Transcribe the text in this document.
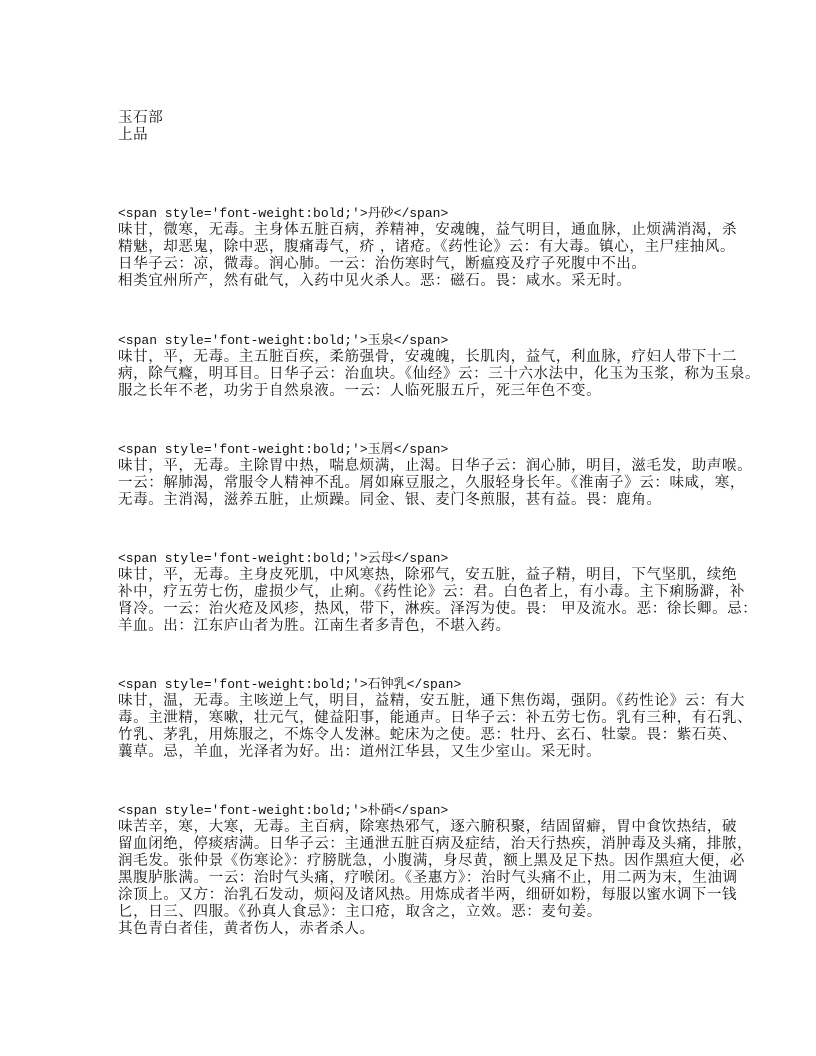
玉石部
上品
<span style='font-weight:bold;'>丹砂</span>
味甘，微寒，无毒。主身体五脏百病，养精神，安魂魄，益气明目，通血脉，止烦满消渴，杀
精魅，却恶鬼，除中恶，腹痛毒气，疥 ，诸疮。《药性论》云：有大毒。镇心，主尸疰抽风。
日华子云：凉，微毒。润心肺。一云：治伤寒时气，断瘟疫及疗子死腹中不出。
相类宜州所产，然有砒气，入药中见火杀人。恶：磁石。畏：咸水。采无时。
<span style='font-weight:bold;'>玉泉</span>
味甘，平，无毒。主五脏百疾，柔筋强骨，安魂魄，长肌肉，益气，利血脉，疗妇人带下十二
病，除气癃，明耳目。日华子云：治血块。《仙经》云：三十六水法中，化玉为玉浆，称为玉泉。
服之长年不老，功劣于自然泉液。一云：人临死服五斤，死三年色不变。
<span style='font-weight:bold;'>玉屑</span>
味甘，平，无毒。主除胃中热，喘息烦满，止渴。日华子云：润心肺，明目，滋毛发，助声喉。
一云：解肺渴，常服令人精神不乱。屑如麻豆服之，久服轻身长年。《淮南子》云：味咸，寒，
无毒。主消渴，滋养五脏，止烦躁。同金、银、麦门冬煎服，甚有益。畏：鹿角。
<span style='font-weight:bold;'>云母</span>
味甘，平，无毒。主身皮死肌，中风寒热，除邪气，安五脏，益子精，明目，下气坚肌，续绝
补中，疗五劳七伤，虚损少气，止痢。《药性论》云：君。白色者上，有小毒。主下痢肠澼，补
肾冷。一云：治火疮及风疹，热风，带下，淋疾。泽泻为使。畏： 甲及流水。恶：徐长卿。忌：
羊血。出：江东庐山者为胜。江南生者多青色，不堪入药。
<span style='font-weight:bold;'>石钟乳</span>
味甘，温，无毒。主咳逆上气，明目，益精，安五脏，通下焦伤竭，强阴。《药性论》云：有大
毒。主泄精，寒嗽，壮元气，健益阳事，能通声。日华子云：补五劳七伤。乳有三种，有石乳、
竹乳、茅乳，用炼服之，不炼令人发淋。蛇床为之使。恶：牡丹、玄石、牡蒙。畏：紫石英、
蘘草。忌，羊血，光泽者为好。出：道州江华县，又生少室山。采无时。
<span style='font-weight:bold;'>朴硝</span>
味苦辛，寒，大寒，无毒。主百病，除寒热邪气，逐六腑积聚，结固留癖，胃中食饮热结，破
留血闭绝，停痰痞满。日华子云：主通泄五脏百病及症结，治天行热疾，消肿毒及头痛，排脓，
润毛发。张仲景《伤寒论》：疗膀胱急，小腹满，身尽黄，额上黑及足下热。因作黑疸大便，必
黑腹胪胀满。一云：治时气头痛，疗喉闭。《圣惠方》：治时气头痛不止，用二两为末，生油调
涂顶上。又方：治乳石发动，烦闷及诸风热。用炼成者半两，细研如粉，每服以蜜水调下一钱
匕，日三、四服。《孙真人食忌》：主口疮，取含之，立效。恶：麦句姜。
其色青白者佳，黄者伤人，赤者杀人。
